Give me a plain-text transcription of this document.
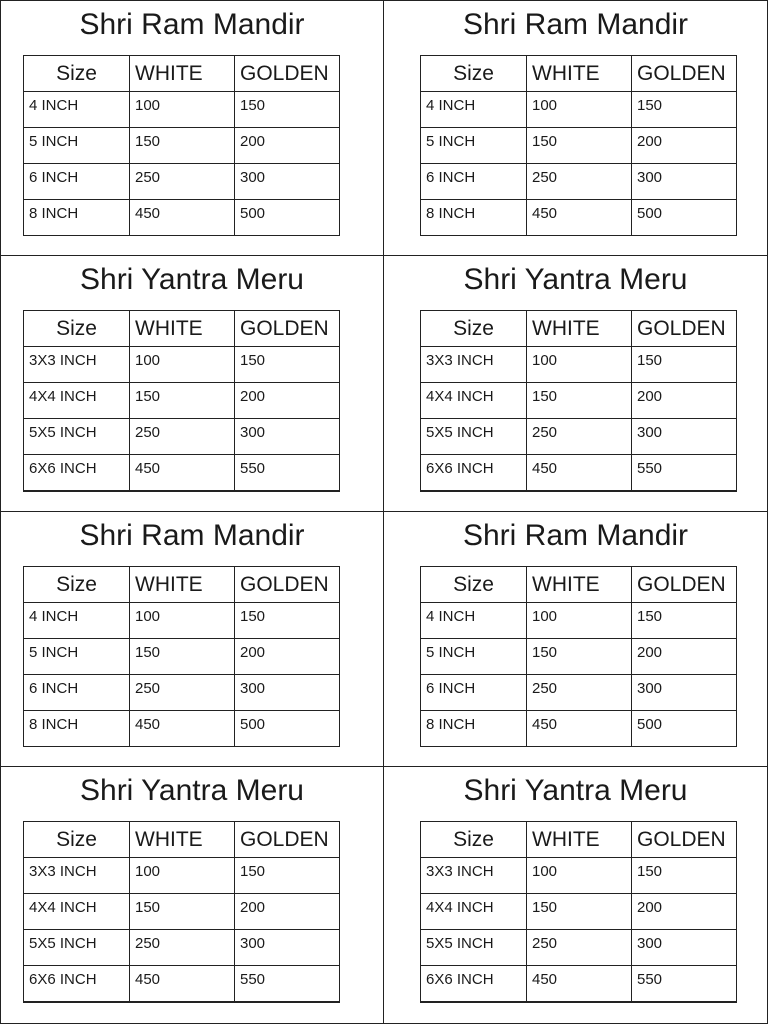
Shri Ram Mandir
Size	WHITE	GOLDEN
4 INCH	100	150
5 INCH	150	200
6 INCH	250	300
8 INCH	450	500
Shri Ram Mandir
Size	WHITE	GOLDEN
4 INCH	100	150
5 INCH	150	200
6 INCH	250	300
8 INCH	450	500
Shri Yantra Meru
Size	WHITE	GOLDEN
3X3 INCH	100	150
4X4 INCH	150	200
5X5 INCH	250	300
6X6 INCH	450	550
Shri Yantra Meru
Size	WHITE	GOLDEN
3X3 INCH	100	150
4X4 INCH	150	200
5X5 INCH	250	300
6X6 INCH	450	550
Shri Ram Mandir
Size	WHITE	GOLDEN
4 INCH	100	150
5 INCH	150	200
6 INCH	250	300
8 INCH	450	500
Shri Ram Mandir
Size	WHITE	GOLDEN
4 INCH	100	150
5 INCH	150	200
6 INCH	250	300
8 INCH	450	500
Shri Yantra Meru
Size	WHITE	GOLDEN
3X3 INCH	100	150
4X4 INCH	150	200
5X5 INCH	250	300
6X6 INCH	450	550
Shri Yantra Meru
Size	WHITE	GOLDEN
3X3 INCH	100	150
4X4 INCH	150	200
5X5 INCH	250	300
6X6 INCH	450	550
